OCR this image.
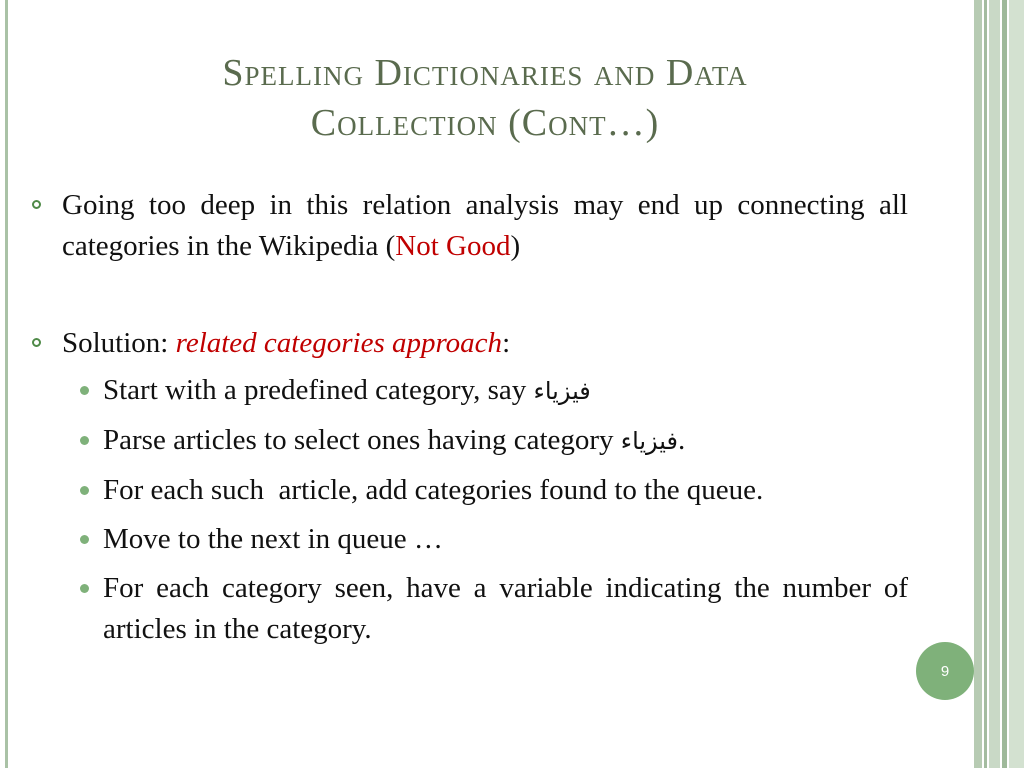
Spelling Dictionaries and Data
Collection (Cont…)
Going too deep in this relation analysis may end up connecting all categories in the Wikipedia (Not Good)
Solution: related categories approach:
Start with a predefined category, say فيزياء
Parse articles to select ones having category فيزياء.
For each such  article, add categories found to the queue.
Move to the next in queue …
For each category seen, have a variable indicating the number of articles in the category.
9
